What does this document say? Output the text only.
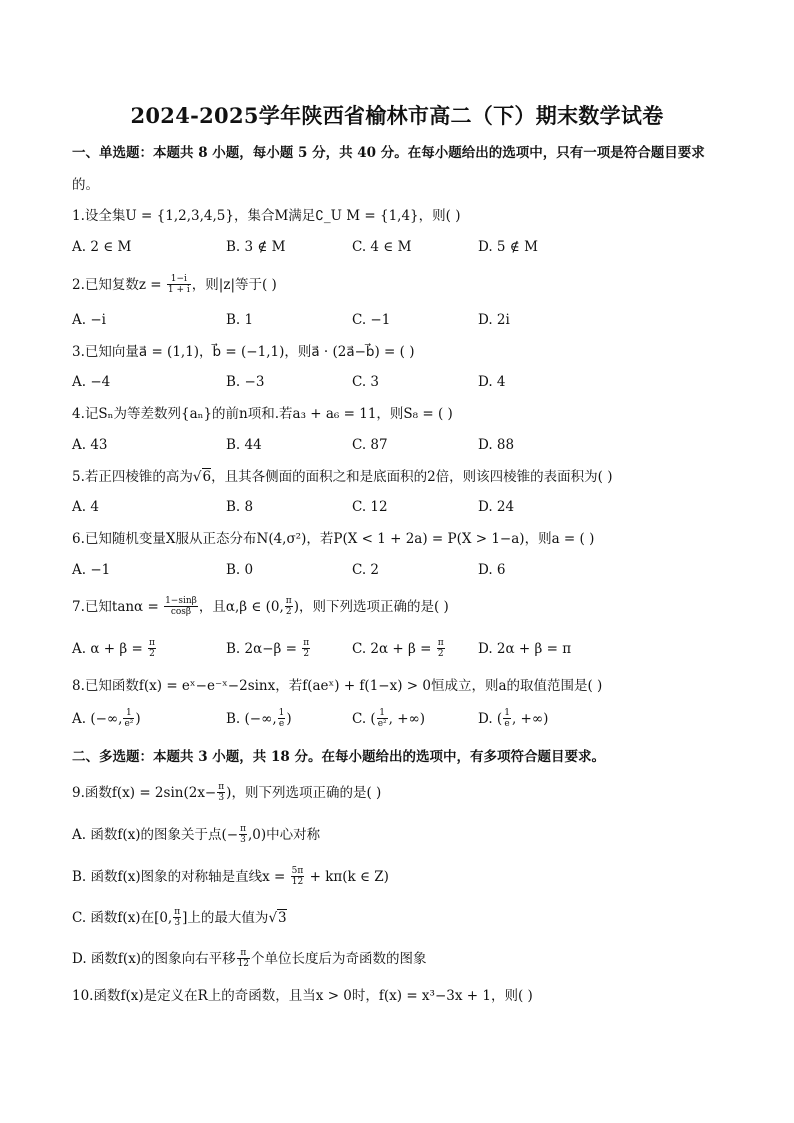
2024-2025学年陕西省榆林市高二（下）期末数学试卷
一、单选题：本题共 8 小题，每小题 5 分，共 40 分。在每小题给出的选项中，只有一项是符合题目要求
的。
1.设全集U = {1,2,3,4,5}，集合M满足∁_U M = {1,4}，则( )
A. 2 ∈ M	B. 3 ∉ M	C. 4 ∈ M	D. 5 ∉ M
2.已知复数$z = \frac{1-i}{1 + i}$ ，则|z|等于( )
A. −i	B. 1	C. −1	D. 2i
3.已知向量a⃗ = (1,1)，b⃗ = (−1,1)，则a⃗ · (2a⃗−b⃗) = ( )
A. −4	B. −3	C. 3	D. 4
4.记Sₙ为等差数列{aₙ}的前n项和.若a₃ + a₆ = 11，则S₈ = ( )
A. 43	B. 44	C. 87	D. 88
5.若正四棱锥的高为√6，且其各侧面的面积之和是底面积的2倍，则该四棱锥的表面积为( )
A. 4	B. 8	C. 12	D. 24
6.已知随机变量X服从正态分布N(4,σ²)，若P(X < 1 + 2a) = P(X > 1−a)，则a = ( )
A. −1	B. 0	C. 2	D. 6
7.已知$\tan\alpha = \frac{1-\sin\beta}{\cos\beta}$ ，且α,β ∈ (0, $\frac{\pi}{2}$ )，则下列选项正确的是( )
A. $\alpha + \beta = \frac{\pi}{2}$	B. $2\alpha-\beta = \frac{\pi}{2}$	C. $2\alpha + \beta = \frac{\pi}{2} D$. 2α + β = π
8.已知函数f(x) = eˣ−e⁻ˣ−2sinx，若f(aeˣ) + f(1−x) > 0恒成立，则a的取值范围是( )
A. (−∞, $\frac{1}{\text{e²}}$ )	B. (−∞, $\frac{1}{e}$ )	C. ( $\frac{1}{\text{e²}}$ , +∞)	D. ( $\frac{1}{e}$ , +∞)
二、多选题：本题共 3 小题，共 18 分。在每小题给出的选项中，有多项符合题目要求。
9.函数$f(x) = 2\sin(2x- \frac{\pi}{3}$ )，则下列选项正确的是( )
A. 函数f(x)的图象关于点(− $\frac{\pi}{3} ,0$)中心对称
B. 函数f(x)图象的对称轴是直线$x = \frac{5\pi}{12} + k\pi(k$ ∈ Z)
C. 函数f(x)在[0, $\frac{\pi}{3}$ ]上的最大值为√3
D. 函数f(x)的图象向右平移 $\frac{\pi}{12}$ 个单位长度后为奇函数的图象
10.函数f(x)是定义在R上的奇函数，且当x > 0时，f(x) = x³−3x + 1，则( )
